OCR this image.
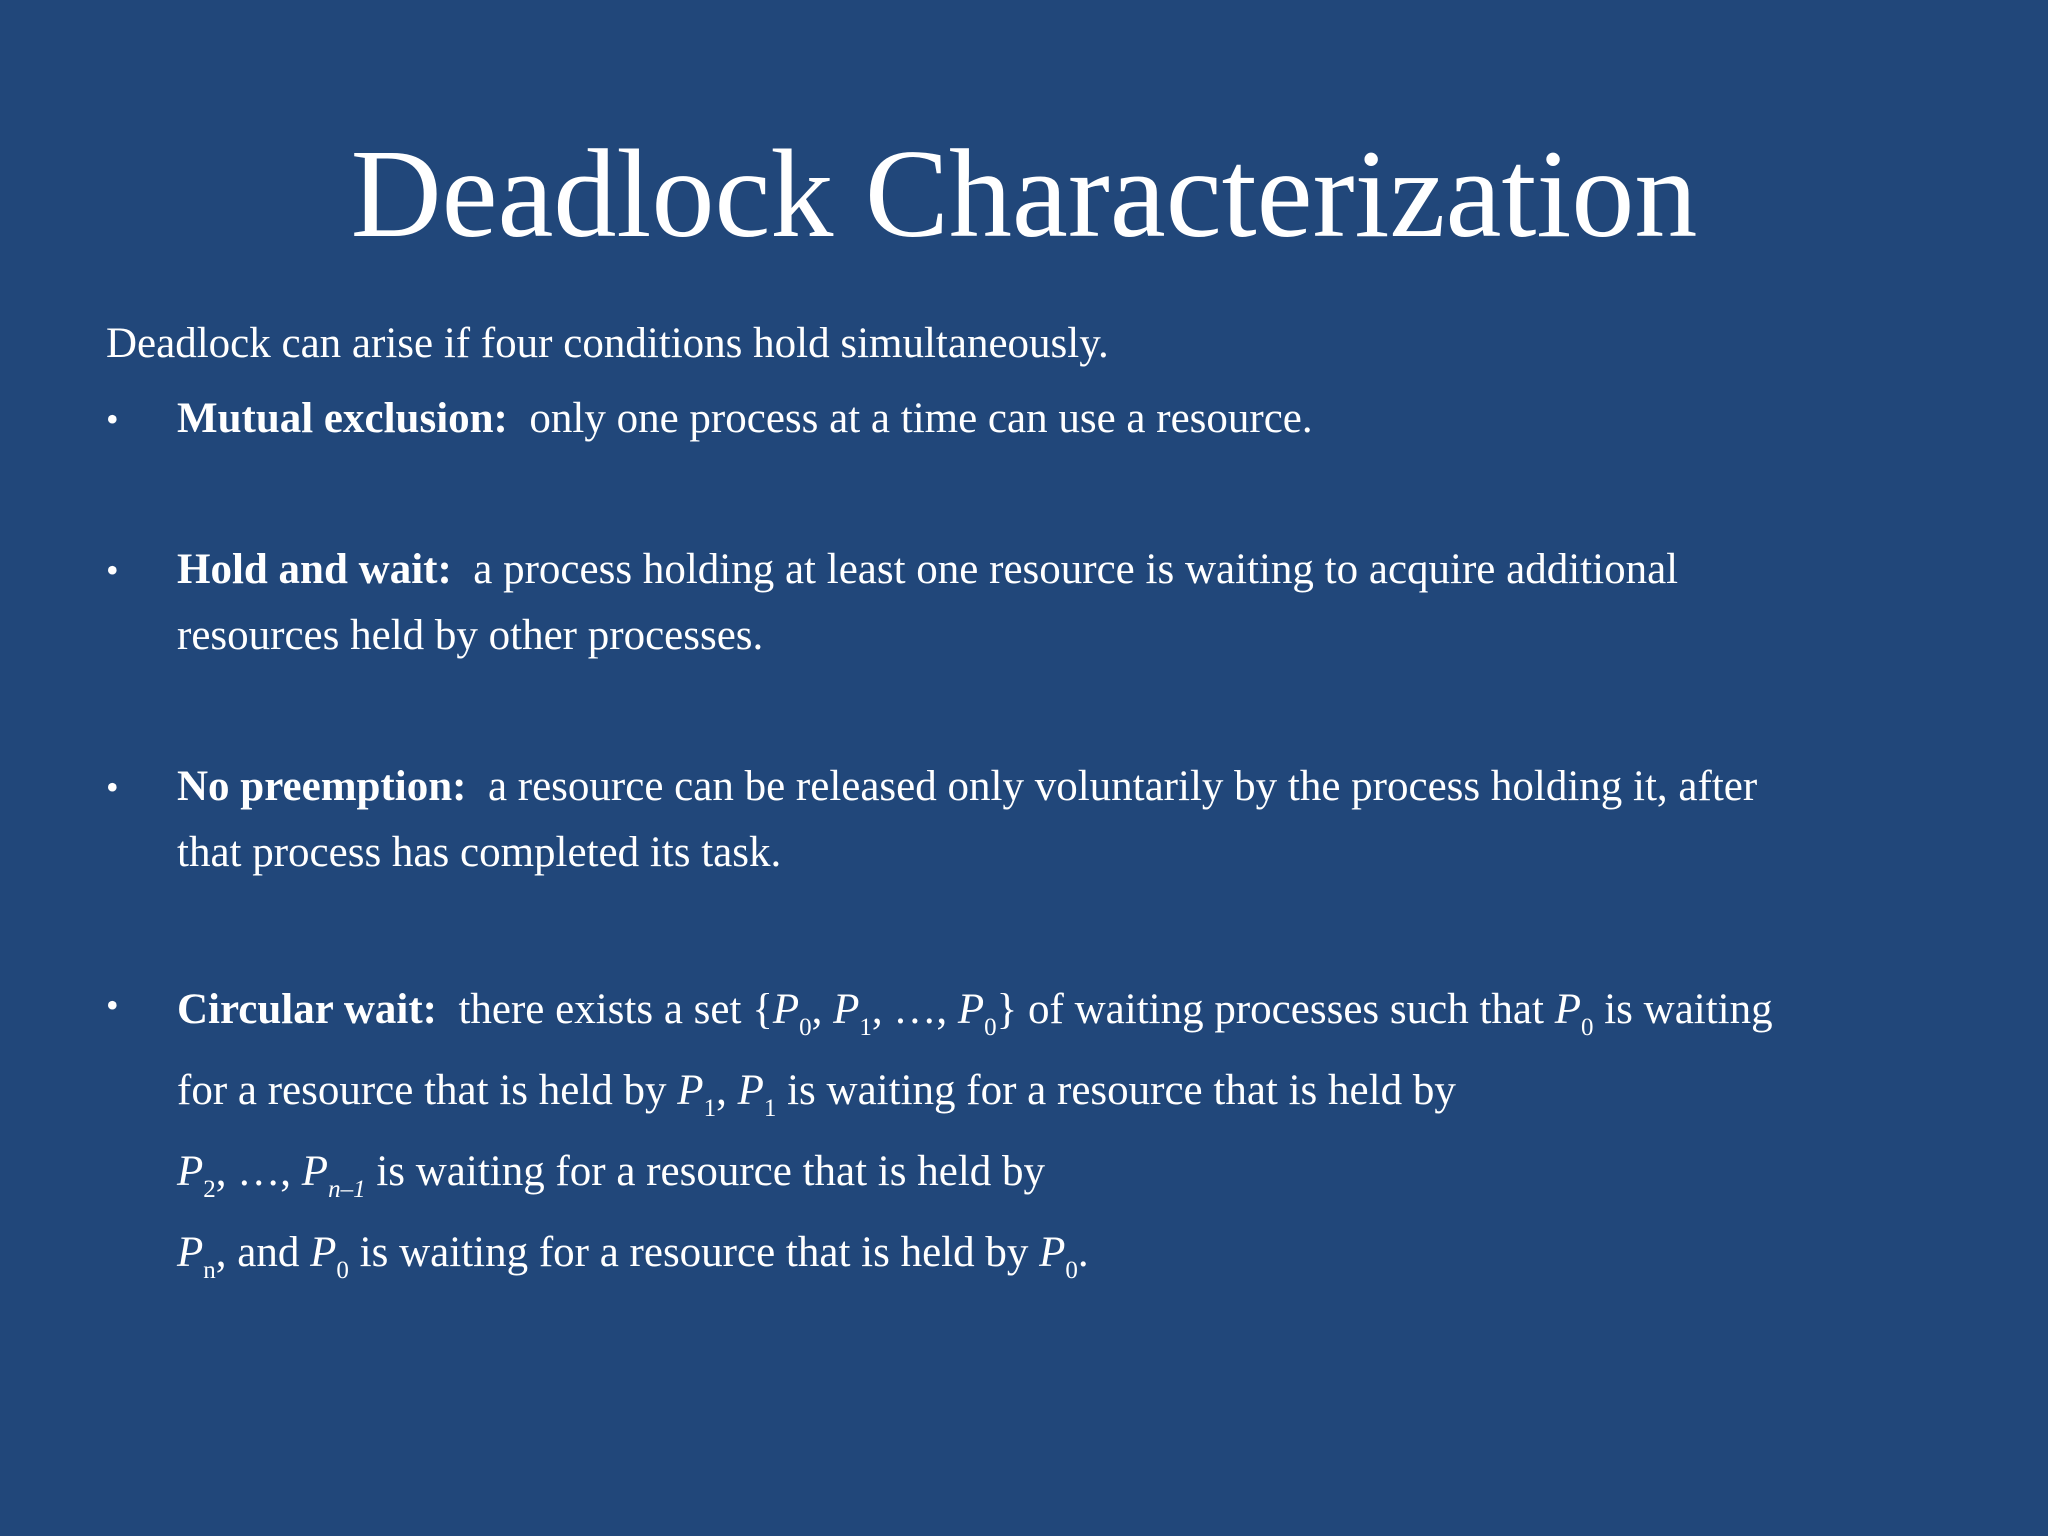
Deadlock Characterization
Deadlock can arise if four conditions hold simultaneously.
• Mutual exclusion: only one process at a time can use a resource.
• Hold and wait: a process holding at least one resource is waiting to acquire additional
resources held by other processes.
• No preemption: a resource can be released only voluntarily by the process holding it, after
that process has completed its task.
• Circular wait: there exists a set {$P_0$, $P_1$, …, $P_0$} of waiting processes such that $P_0$ is waiting
for a resource that is held by $P_1$, $P_1$ is waiting for a resource that is held by
$P_2$, …, $P_{n-1}$ is waiting for a resource that is held by
$P_n$, and $P_0$ is waiting for a resource that is held by $P_0$.
